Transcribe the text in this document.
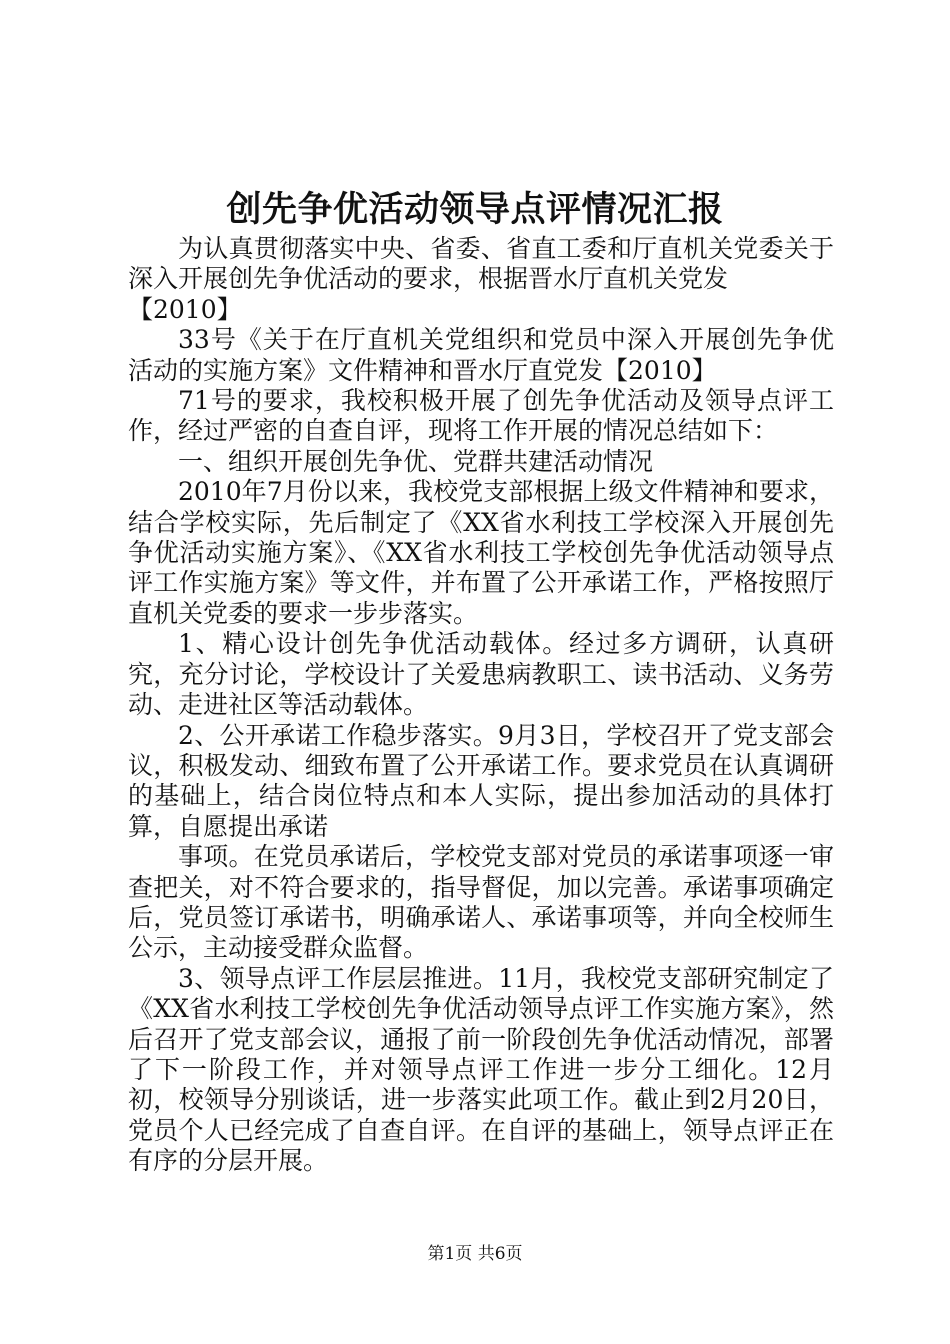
创先争优活动领导点评情况汇报

为认真贯彻落实中央、省委、省直工委和厅直机关党委关于深入开展创先争优活动的要求，根据晋水厅直机关党发

【2010】

33号《关于在厅直机关党组织和党员中深入开展创先争优活动的实施方案》文件精神和晋水厅直党发【2010】

71号的要求，我校积极开展了创先争优活动及领导点评工作，经过严密的自查自评，现将工作开展的情况总结如下：

一、组织开展创先争优、党群共建活动情况

2010年7月份以来，我校党支部根据上级文件精神和要求，结合学校实际，先后制定了《XX省水利技工学校深入开展创先争优活动实施方案》、《XX省水利技工学校创先争优活动领导点评工作实施方案》等文件，并布置了公开承诺工作，严格按照厅直机关党委的要求一步步落实。

1、精心设计创先争优活动载体。经过多方调研，认真研究，充分讨论，学校设计了关爱患病教职工、读书活动、义务劳动、走进社区等活动载体。

2、公开承诺工作稳步落实。9月3日，学校召开了党支部会议，积极发动、细致布置了公开承诺工作。要求党员在认真调研的基础上，结合岗位特点和本人实际，提出参加活动的具体打算，自愿提出承诺

事项。在党员承诺后，学校党支部对党员的承诺事项逐一审查把关，对不符合要求的，指导督促，加以完善。承诺事项确定后，党员签订承诺书，明确承诺人、承诺事项等，并向全校师生公示，主动接受群众监督。

3、领导点评工作层层推进。11月，我校党支部研究制定了《XX省水利技工学校创先争优活动领导点评工作实施方案》，然后召开了党支部会议，通报了前一阶段创先争优活动情况，部署了下一阶段工作，并对领导点评工作进一步分工细化。12月初，校领导分别谈话，进一步落实此项工作。截止到2月20日，党员个人已经完成了自查自评。在自评的基础上，领导点评正在有序的分层开展。

第1页 共6页
